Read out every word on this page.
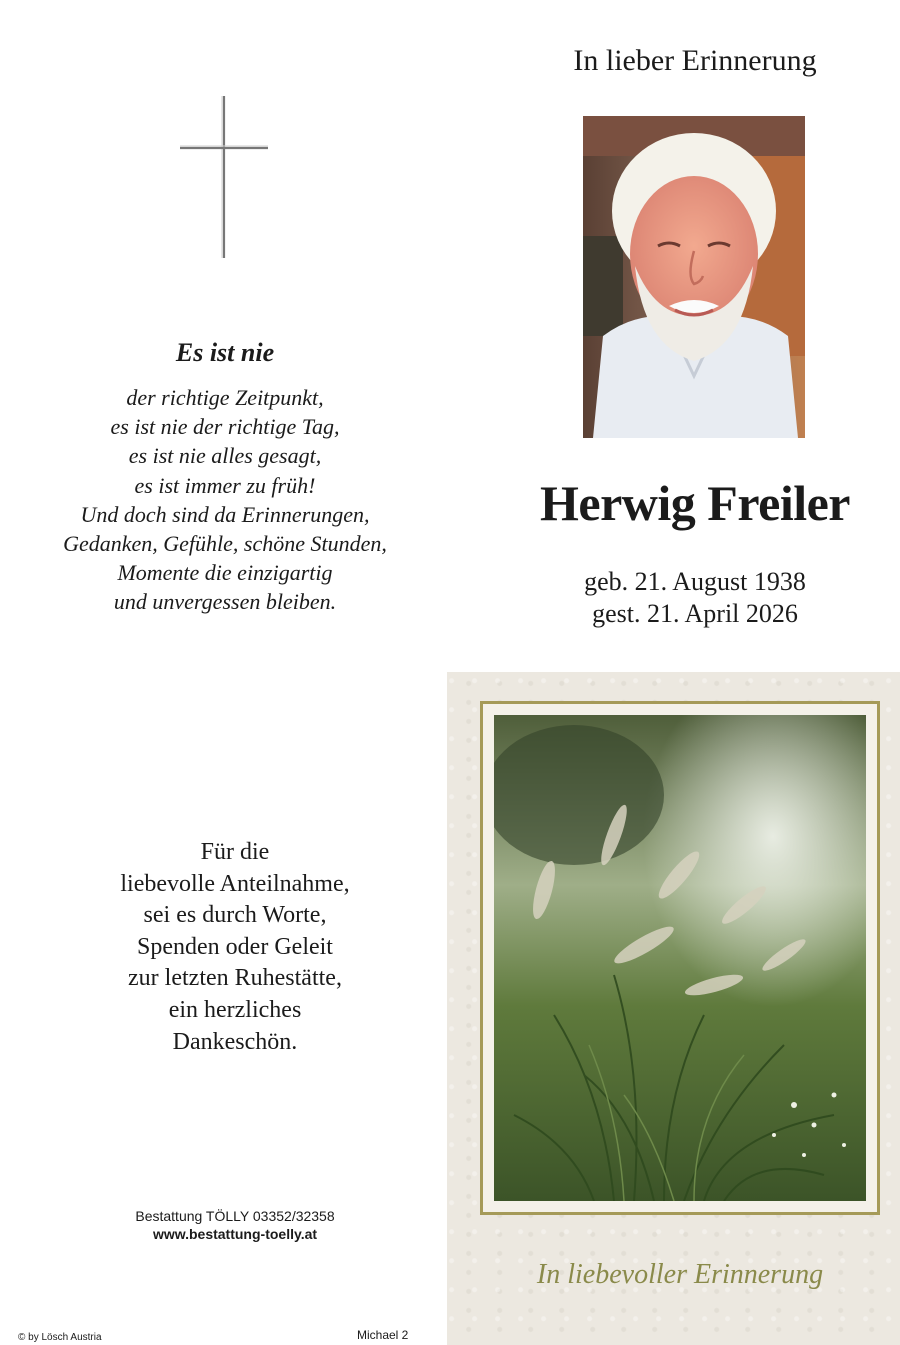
Es ist nie
der richtige Zeitpunkt,
es ist nie der richtige Tag,
es ist nie alles gesagt,
es ist immer zu früh!
Und doch sind da Erinnerungen,
Gedanken, Gefühle, schöne Stunden,
Momente die einzigartig
und unvergessen bleiben.
In lieber Erinnerung
Herwig Freiler
geb. 21. August 1938
gest. 21. April 2026
Für die
liebevolle Anteilnahme,
sei es durch Worte,
Spenden oder Geleit
zur letzten Ruhestätte,
ein herzliches
Dankeschön.
Bestattung TÖLLY 03352/32358
www.bestattung-toelly.at
© by Lösch Austria	Michael 2
In liebevoller Erinnerung
